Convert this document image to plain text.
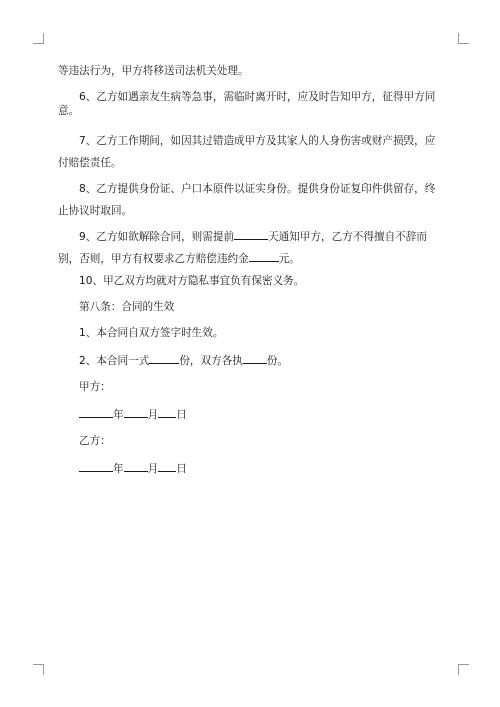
等违法行为，甲方将移送司法机关处理。

6、乙方如遇亲友生病等急事，需临时离开时，应及时告知甲方，征得甲方同意。

7、乙方工作期间，如因其过错造成甲方及其家人的人身伤害或财产损毁，应付赔偿责任。

8、乙方提供身份证、户口本原件以证实身份。提供身份证复印件供留存，终止协议时取回。

9、乙方如欲解除合同，则需提前	天通知甲方，乙方不得擅自不辞而别，否则，甲方有权要求乙方赔偿违约金	元。

10、甲乙双方均就对方隐私事宜负有保密义务。

第八条：合同的生效

1、本合同自双方签字时生效。

2、本合同一式	份，双方各执 份。

甲方：

年 月 日

乙方：

年 月 日
